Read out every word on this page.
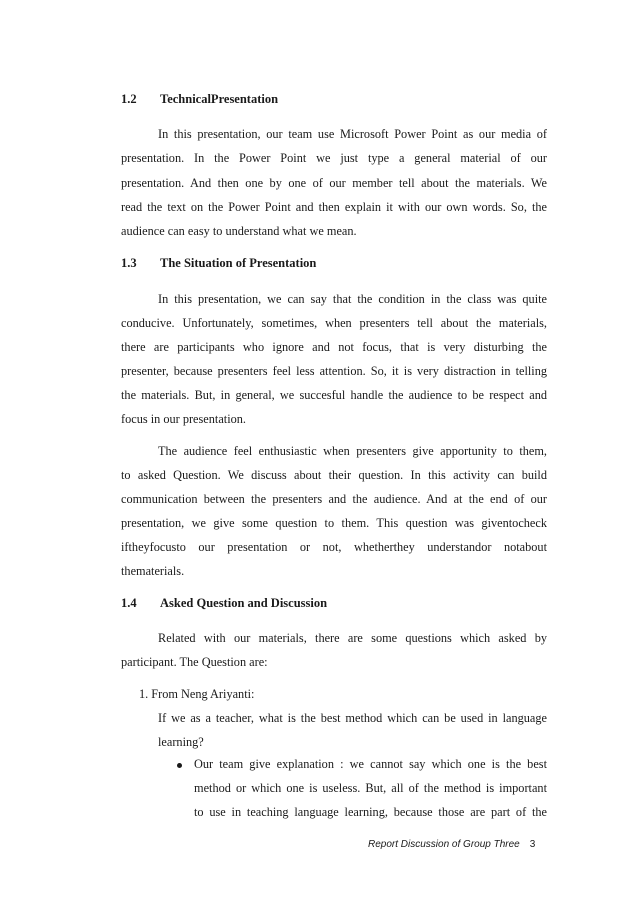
1.2 TechnicalPresentation
In this presentation, our team use Microsoft Power Point as our media of
presentation. In the Power Point we just type a general material of our
presentation. And then one by one of our member tell about the materials. We
read the text on the Power Point and then explain it with our own words. So, the
audience can easy to understand what we mean.
1.3 The Situation of Presentation
In this presentation, we can say that the condition in the class was quite
conducive. Unfortunately, sometimes, when presenters tell about the materials,
there are participants who ignore and not focus, that is very disturbing the
presenter, because presenters feel less attention. So, it is very distraction in telling
the materials. But, in general, we succesful handle the audience to be respect and
focus in our presentation.
The audience feel enthusiastic when presenters give apportunity to them,
to asked Question. We discuss about their question. In this activity can build
communication between the presenters and the audience. And at the end of our
presentation, we give some question to them. This question was giventocheck
iftheyfocusto our presentation or not, whetherthey understandor notabout
thematerials.
1.4 Asked Question and Discussion
Related with our materials, there are some questions which asked by
participant. The Question are:
1. From Neng Ariyanti:
If we as a teacher, what is the best method which can be used in language
learning?
Our team give explanation : we cannot say which one is the best
method or which one is useless. But, all of the method is important
to use in teaching language learning, because those are part of the
Report Discussion of Group Three 3
